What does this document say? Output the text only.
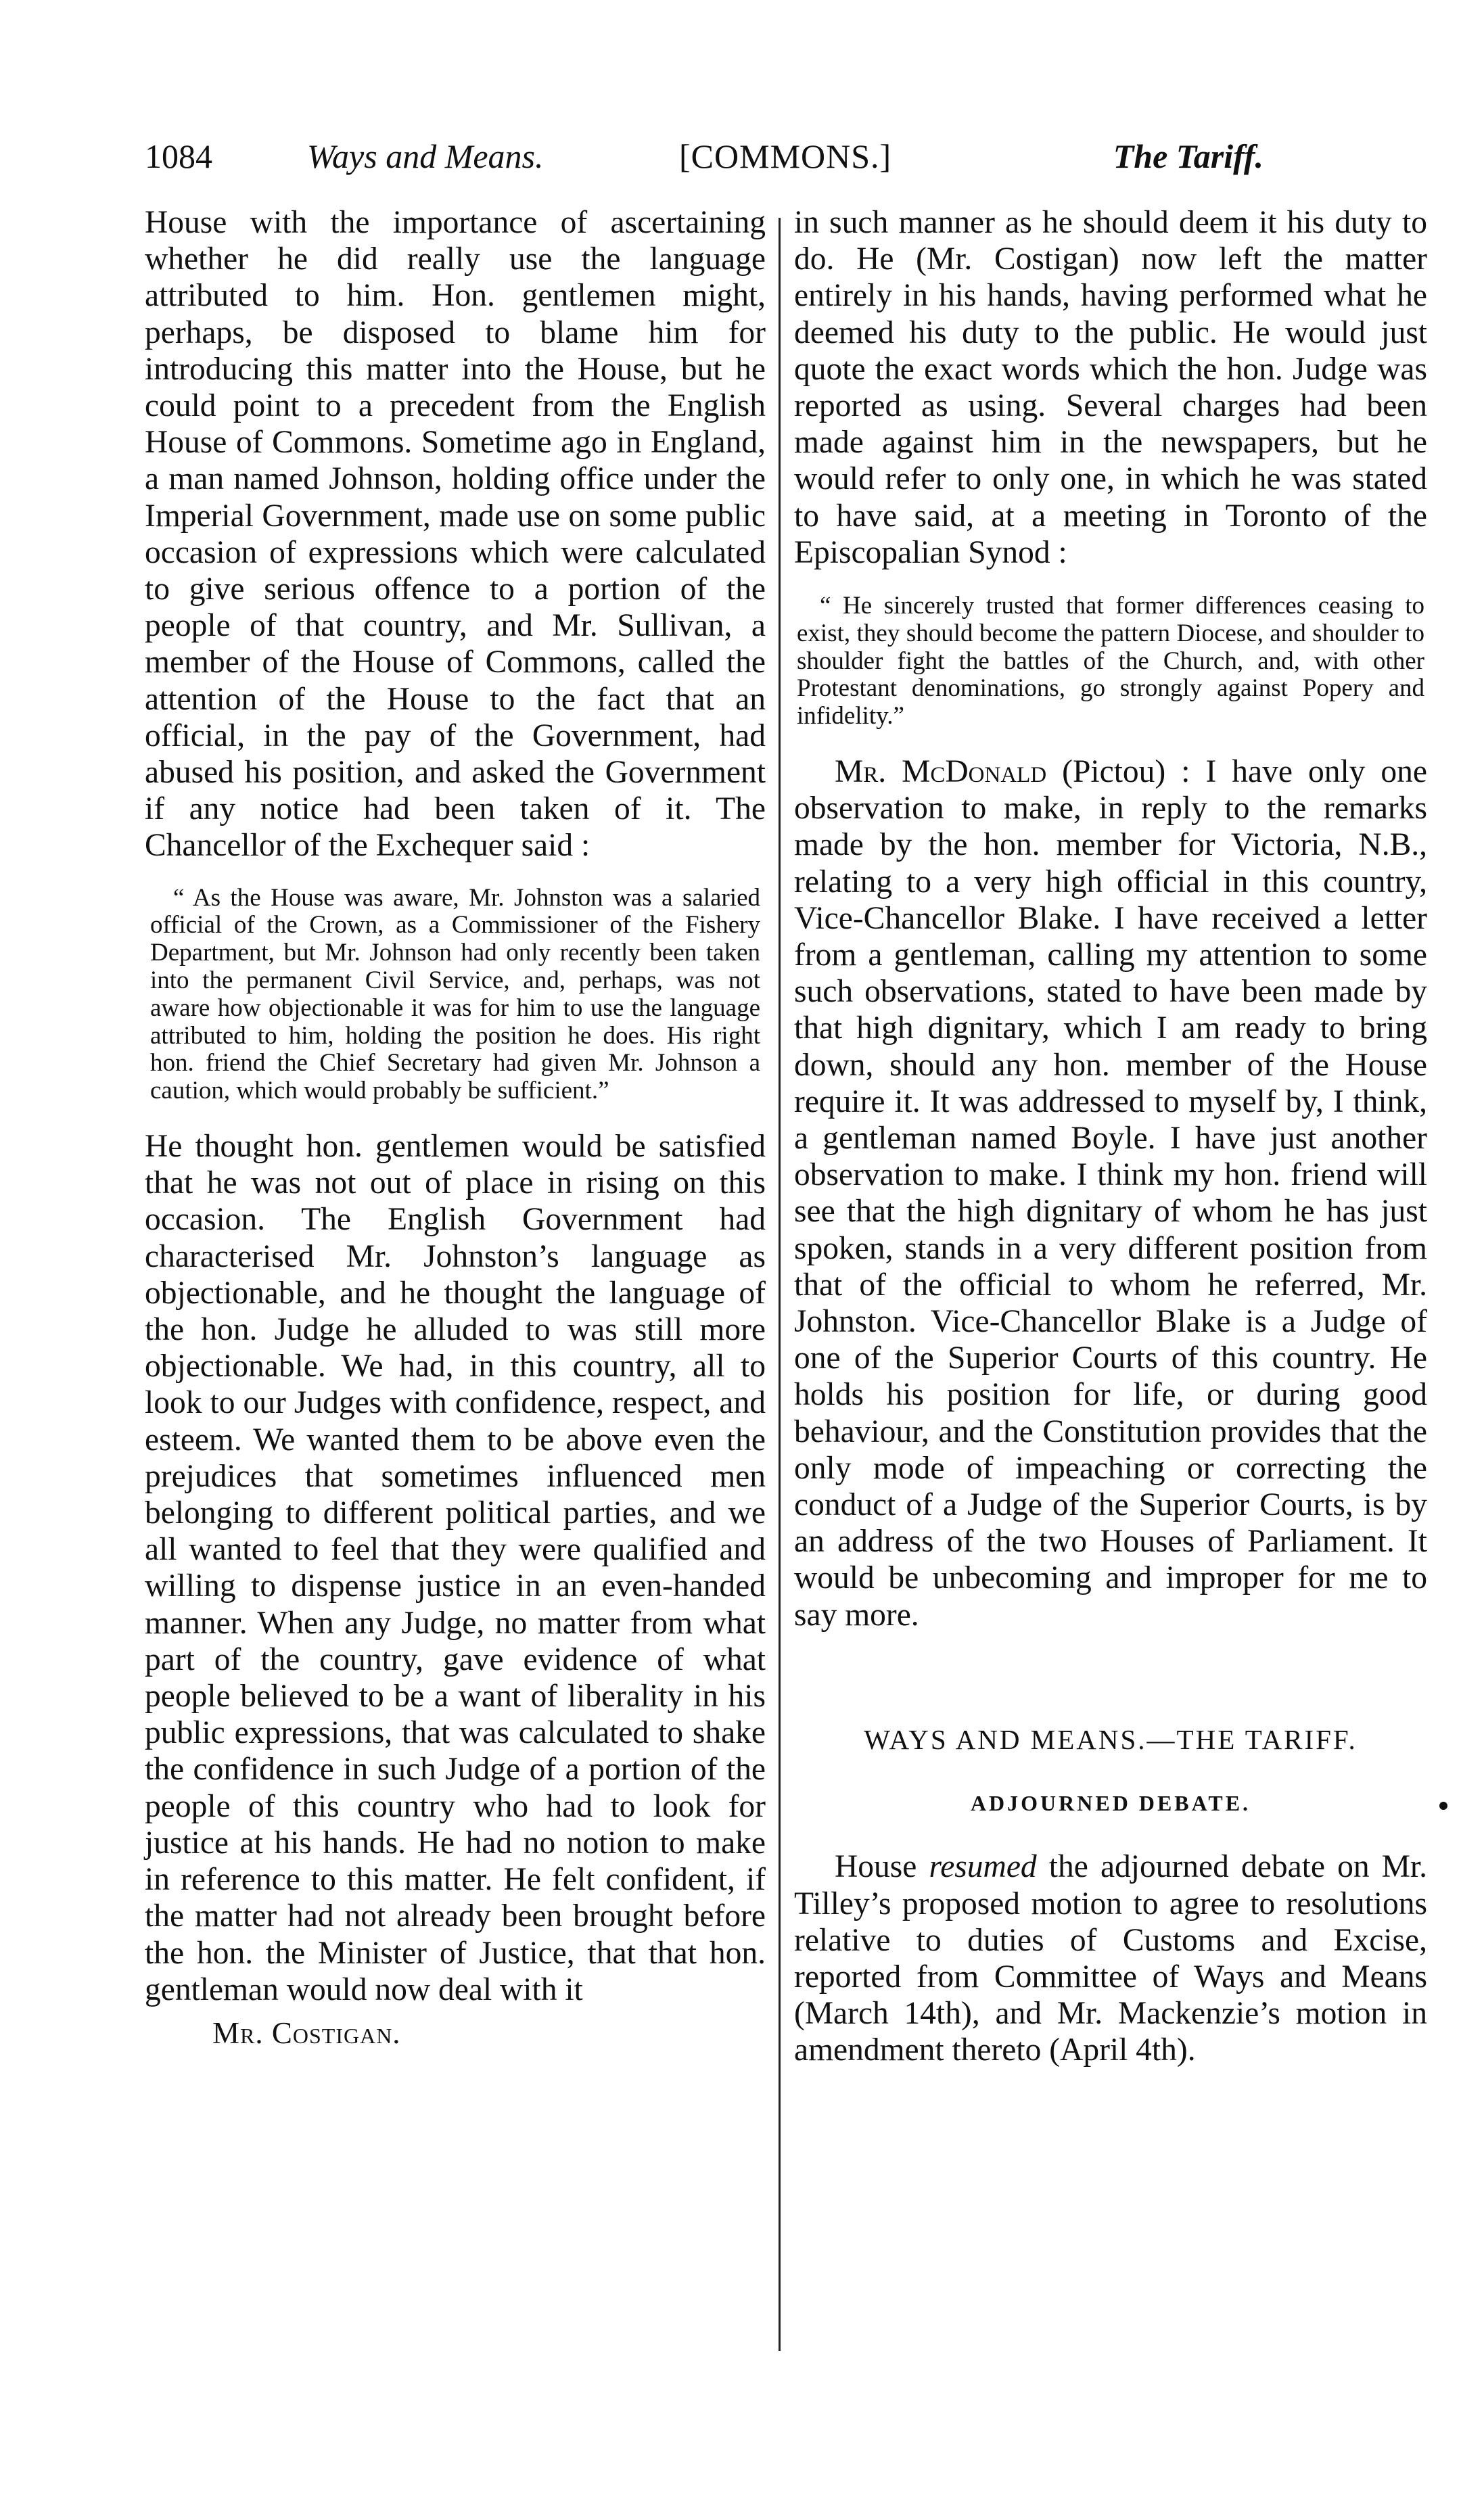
1084	Ways and Means.	[COMMONS.]	The Tariff.

House with the importance of ascertaining whether he did really use the language attributed to him. Hon. gentlemen might, perhaps, be disposed to blame him for introducing this matter into the House, but he could point to a precedent from the English House of Commons. Sometime ago in England, a man named Johnson, holding office under the Imperial Government, made use on some public occasion of expressions which were calculated to give serious offence to a portion of the people of that country, and Mr. Sullivan, a member of the House of Commons, called the attention of the House to the fact that an official, in the pay of the Government, had abused his position, and asked the Government if any notice had been taken of it. The Chancellor of the Exchequer said :

“ As the House was aware, Mr. Johnston was a salaried official of the Crown, as a Commissioner of the Fishery Department, but Mr. Johnson had only recently been taken into the permanent Civil Service, and, perhaps, was not aware how objectionable it was for him to use the language attributed to him, holding the position he does. His right hon. friend the Chief Secretary had given Mr. Johnson a caution, which would probably be sufficient.”

He thought hon. gentlemen would be satisfied that he was not out of place in rising on this occasion. The English Government had characterised Mr. Johnston’s language as objectionable, and he thought the language of the hon. Judge he alluded to was still more objectionable. We had, in this country, all to look to our Judges with confidence, respect, and esteem. We wanted them to be above even the prejudices that sometimes influenced men belonging to different political parties, and we all wanted to feel that they were qualified and willing to dispense justice in an even-handed manner. When any Judge, no matter from what part of the country, gave evidence of what people believed to be a want of liberality in his public expressions, that was calculated to shake the confidence in such Judge of a portion of the people of this country who had to look for justice at his hands. He had no notion to make in reference to this matter. He felt confident, if the matter had not already been brought before the hon. the Minister of Justice, that that hon. gentleman would now deal with it

Mr. Costigan.

in such manner as he should deem it his duty to do. He (Mr. Costigan) now left the matter entirely in his hands, having performed what he deemed his duty to the public. He would just quote the exact words which the hon. Judge was reported as using. Several charges had been made against him in the newspapers, but he would refer to only one, in which he was stated to have said, at a meeting in Toronto of the Episcopalian Synod :

“ He sincerely trusted that former differences ceasing to exist, they should become the pattern Diocese, and shoulder to shoulder fight the battles of the Church, and, with other Protestant denominations, go strongly against Popery and infidelity.”

Mr. McDonald (Pictou) : I have only one observation to make, in reply to the remarks made by the hon. member for Victoria, N.B., relating to a very high official in this country, Vice-Chancellor Blake. I have received a letter from a gentleman, calling my attention to some such observations, stated to have been made by that high dignitary, which I am ready to bring down, should any hon. member of the House require it. It was addressed to myself by, I think, a gentleman named Boyle. I have just another observation to make. I think my hon. friend will see that the high dignitary of whom he has just spoken, stands in a very different position from that of the official to whom he referred, Mr. Johnston. Vice-Chancellor Blake is a Judge of one of the Superior Courts of this country. He holds his position for life, or during good behaviour, and the Constitution provides that the only mode of impeaching or correcting the conduct of a Judge of the Superior Courts, is by an address of the two Houses of Parliament. It would be unbecoming and improper for me to say more.

WAYS AND MEANS.—THE TARIFF.

ADJOURNED DEBATE.

House resumed the adjourned debate on Mr. Tilley’s proposed motion to agree to resolutions relative to duties of Customs and Excise, reported from Committee of Ways and Means (March 14th), and Mr. Mackenzie’s motion in amendment thereto (April 4th).
